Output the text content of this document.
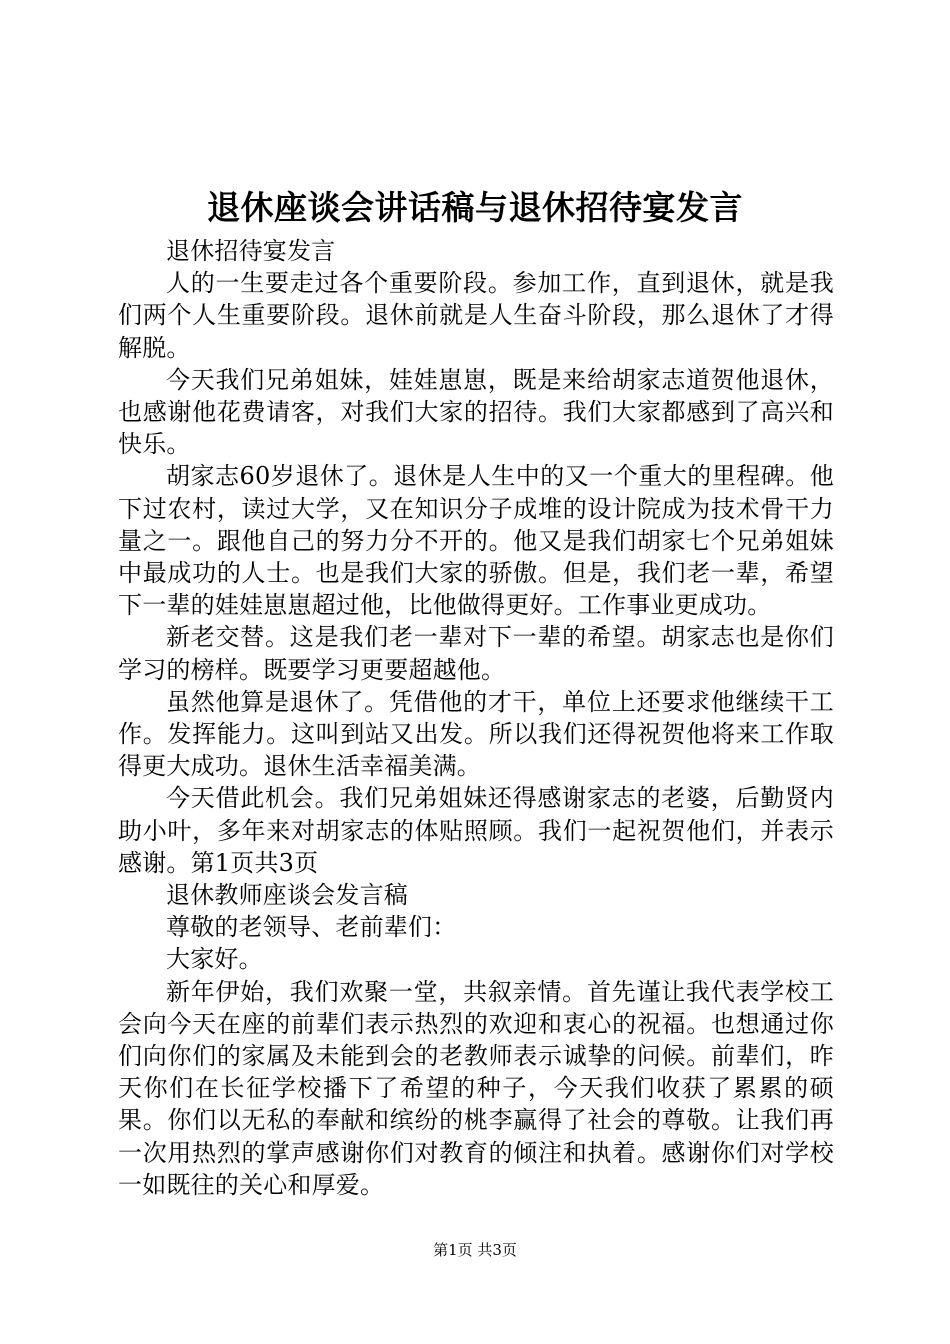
退休座谈会讲话稿与退休招待宴发言

退休招待宴发言

人的一生要走过各个重要阶段。参加工作，直到退休，就是我们两个人生重要阶段。退休前就是人生奋斗阶段，那么退休了才得解脱。

今天我们兄弟姐妹，娃娃崽崽，既是来给胡家志道贺他退休，也感谢他花费请客，对我们大家的招待。我们大家都感到了高兴和快乐。

胡家志60岁退休了。退休是人生中的又一个重大的里程碑。他下过农村，读过大学，又在知识分子成堆的设计院成为技术骨干力量之一。跟他自己的努力分不开的。他又是我们胡家七个兄弟姐妹中最成功的人士。也是我们大家的骄傲。但是，我们老一辈，希望下一辈的娃娃崽崽超过他，比他做得更好。工作事业更成功。

新老交替。这是我们老一辈对下一辈的希望。胡家志也是你们学习的榜样。既要学习更要超越他。

虽然他算是退休了。凭借他的才干，单位上还要求他继续干工作。发挥能力。这叫到站又出发。所以我们还得祝贺他将来工作取得更大成功。退休生活幸福美满。

今天借此机会。我们兄弟姐妹还得感谢家志的老婆，后勤贤内助小叶，多年来对胡家志的体贴照顾。我们一起祝贺他们，并表示感谢。第1页共3页

退休教师座谈会发言稿

尊敬的老领导、老前辈们：

大家好。

新年伊始，我们欢聚一堂，共叙亲情。首先谨让我代表学校工会向今天在座的前辈们表示热烈的欢迎和衷心的祝福。也想通过你们向你们的家属及未能到会的老教师表示诚挚的问候。前辈们，昨天你们在长征学校播下了希望的种子，今天我们收获了累累的硕果。你们以无私的奉献和缤纷的桃李赢得了社会的尊敬。让我们再一次用热烈的掌声感谢你们对教育的倾注和执着。感谢你们对学校一如既往的关心和厚爱。

第1页 共3页
